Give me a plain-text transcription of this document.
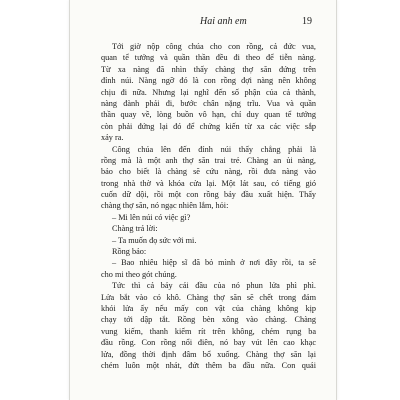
Hai anh em	19
Tới giờ nộp công chúa cho con rồng, cả đức vua,
quan tể tướng và quần thần đều đi theo để tiễn nàng.
Từ xa nàng đã nhìn thấy chàng thợ săn đứng trên
đỉnh núi. Nàng ngỡ đó là con rồng đợi nàng nên không
chịu đi nữa. Nhưng lại nghĩ đến số phận của cả thành,
nàng đành phải đi, bước chân nặng trĩu. Vua và quần
thần quay về, lòng buồn vô hạn, chỉ duy quan tể tướng
còn phải đứng lại đó để chứng kiến từ xa các việc sắp
xảy ra.
Công chúa lên đến đỉnh núi thấy chẳng phải là
rồng mà là một anh thợ săn trai trẻ. Chàng an ủi nàng,
bảo cho biết là chàng sẽ cứu nàng, rồi đưa nàng vào
trong nhà thờ và khóa cửa lại. Một lát sau, có tiếng gió
cuốn dữ dội, rồi một con rồng bảy đầu xuất hiện. Thấy
chàng thợ săn, nó ngạc nhiên lắm, hỏi:
– Mi lên núi có việc gì?
Chàng trả lời:
– Ta muốn đọ sức với mi.
Rồng bảo:
– Bao nhiêu hiệp sĩ đã bỏ mình ở nơi đây rồi, ta sẽ
cho mi theo gót chúng.
Tức thì cả bảy cái đầu của nó phun lửa phì phì.
Lửa bắt vào cỏ khô. Chàng thợ săn sẽ chết trong đám
khói lửa ấy nếu mấy con vật của chàng không kịp
chạy tới dập tắt. Rồng bèn xông vào chàng. Chàng
vung kiếm, thanh kiếm rít trên không, chém rụng ba
đầu rồng. Con rồng nổi điên, nó bay vút lên cao khạc
lửa, đồng thời định đâm bổ xuống. Chàng thợ săn lại
chém luôn một nhát, đứt thêm ba đầu nữa. Con quái
